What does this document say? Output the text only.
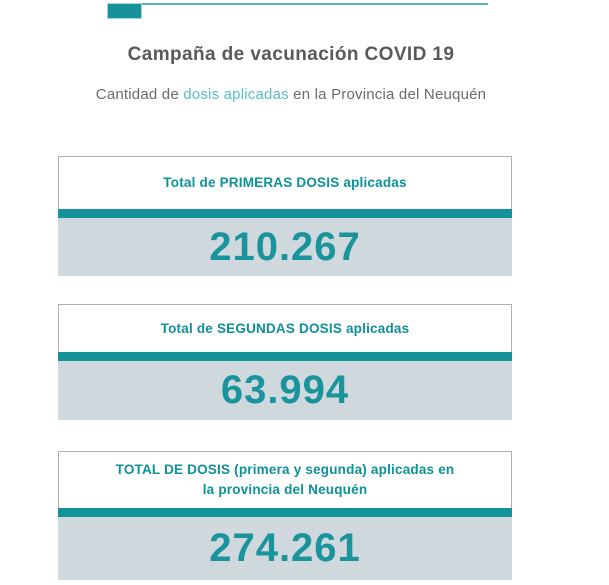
Campaña de vacunación COVID 19
Cantidad de dosis aplicadas en la Provincia del Neuquén
Total de PRIMERAS DOSIS aplicadas
210.267
Total de SEGUNDAS DOSIS aplicadas
63.994
TOTAL DE DOSIS (primera y segunda) aplicadas en la provincia del Neuquén
274.261
